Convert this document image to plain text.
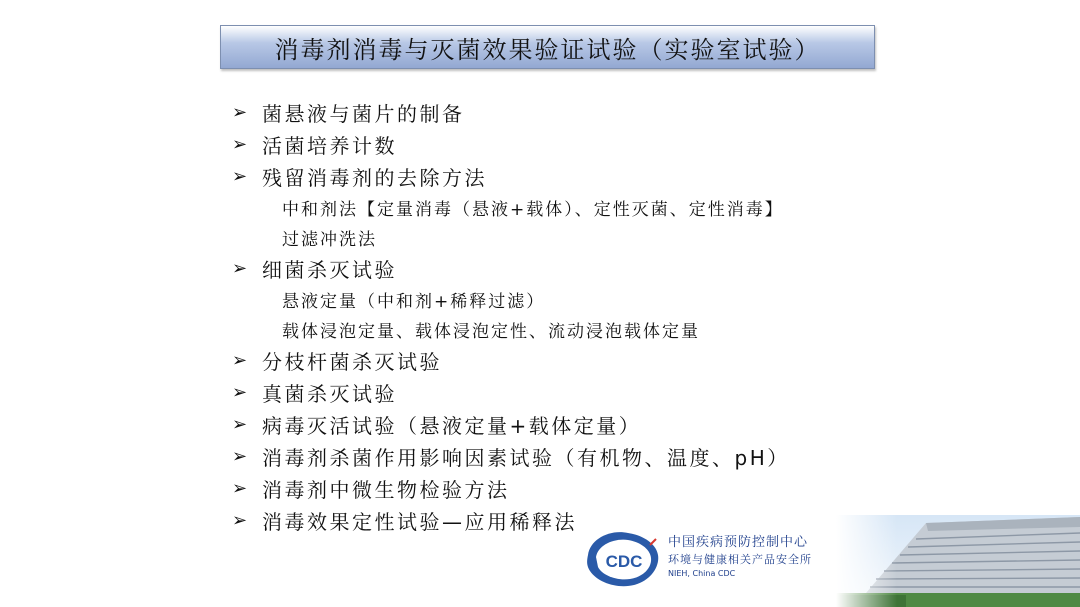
消毒剂消毒与灭菌效果验证试验（实验室试验）
➢ 菌悬液与菌片的制备
➢ 活菌培养计数
➢ 残留消毒剂的去除方法
中和剂法【定量消毒（悬液+载体）、定性灭菌、定性消毒】
过滤冲洗法
➢ 细菌杀灭试验
悬液定量（中和剂+稀释过滤）
载体浸泡定量、载体浸泡定性、流动浸泡载体定量
➢ 分枝杆菌杀灭试验
➢ 真菌杀灭试验
➢ 病毒灭活试验（悬液定量+载体定量）
➢ 消毒剂杀菌作用影响因素试验（有机物、温度、pH）
➢ 消毒剂中微生物检验方法
➢ 消毒效果定性试验—应用稀释法
CDC
中国疾病预防控制中心
环境与健康相关产品安全所
NIEH, China CDC
